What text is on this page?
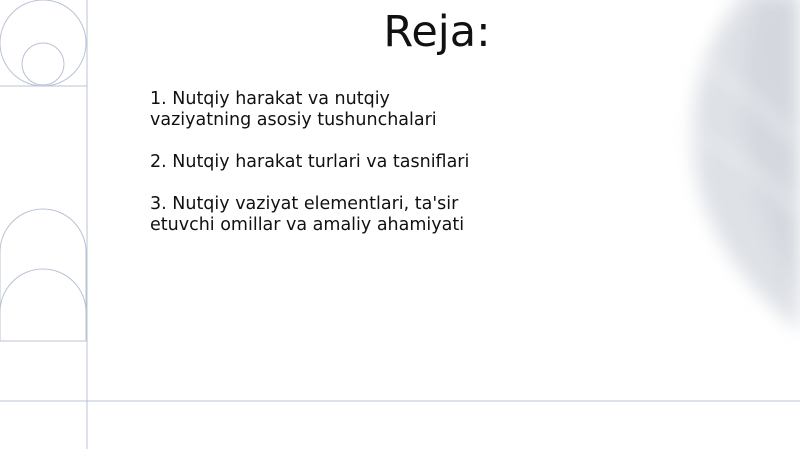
Reja:
1. Nutqiy harakat va nutqiy vaziyatning asosiy tushunchalari
2. Nutqiy harakat turlari va tasniflari
3. Nutqiy vaziyat elementlari, ta'sir etuvchi omillar va amaliy ahamiyati
